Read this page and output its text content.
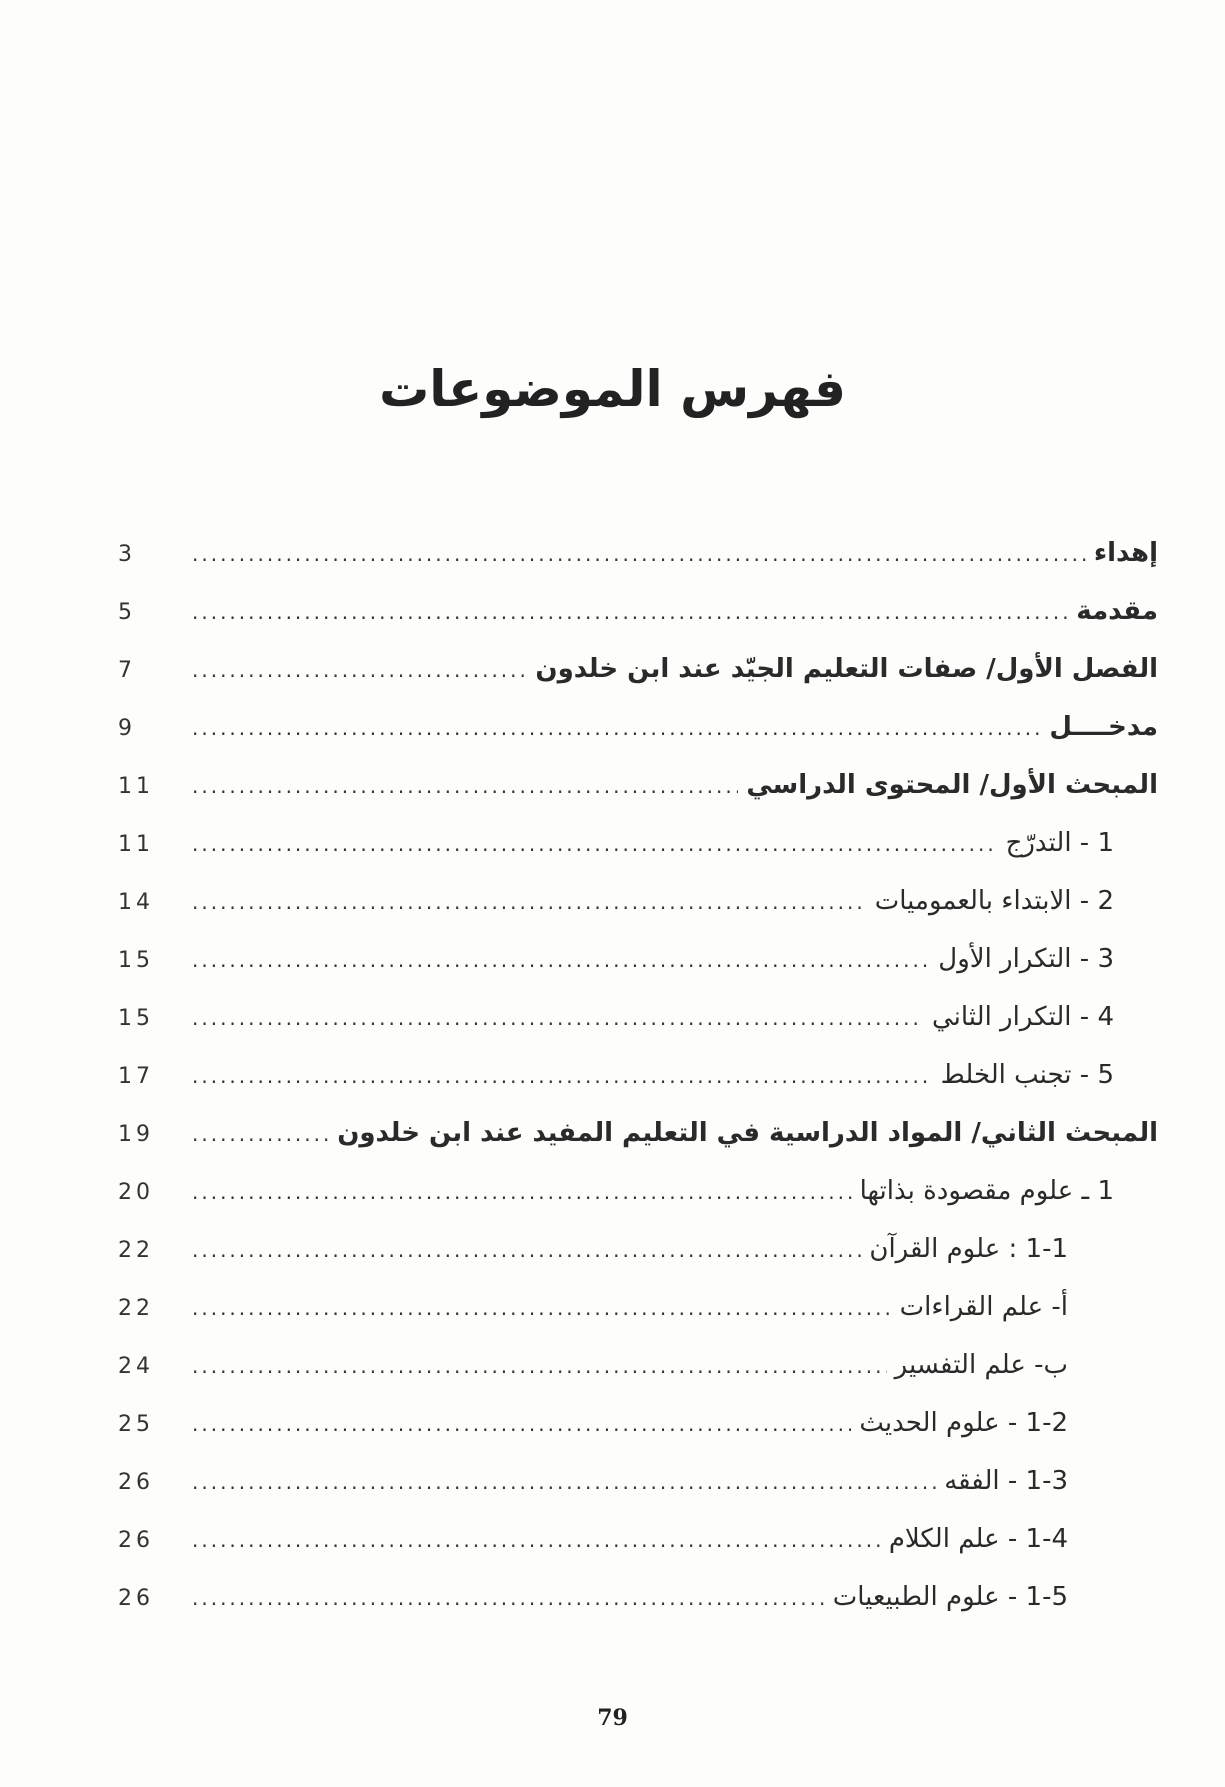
فهرس الموضوعات
إهداء
.....
3
مقدمة
.....
5
الفصل الأول/ صفات التعليم الجيّد عند ابن خلدون
.....
7
مدخــــل
.....
9
المبحث الأول/ المحتوى الدراسي
.....
11
1 - التدرّج
.....
11
2 - الابتداء بالعموميات
.....
14
3 - التكرار الأول
.....
15
4 - التكرار الثاني
.....
15
5 - تجنب الخلط
.....
17
المبحث الثاني/ المواد الدراسية في التعليم المفيد عند ابن خلدون
.....
19
1 ـ علوم مقصودة بذاتها
.....
20
1-1 : علوم القرآن
.....
22
أ- علم القراءات
.....
22
ب- علم التفسير
.....
24
1-2 - علوم الحديث
.....
25
1-3 - الفقه
.....
26
1-4 - علم الكلام
.....
26
1-5 - علوم الطبيعيات
.....
26
79
